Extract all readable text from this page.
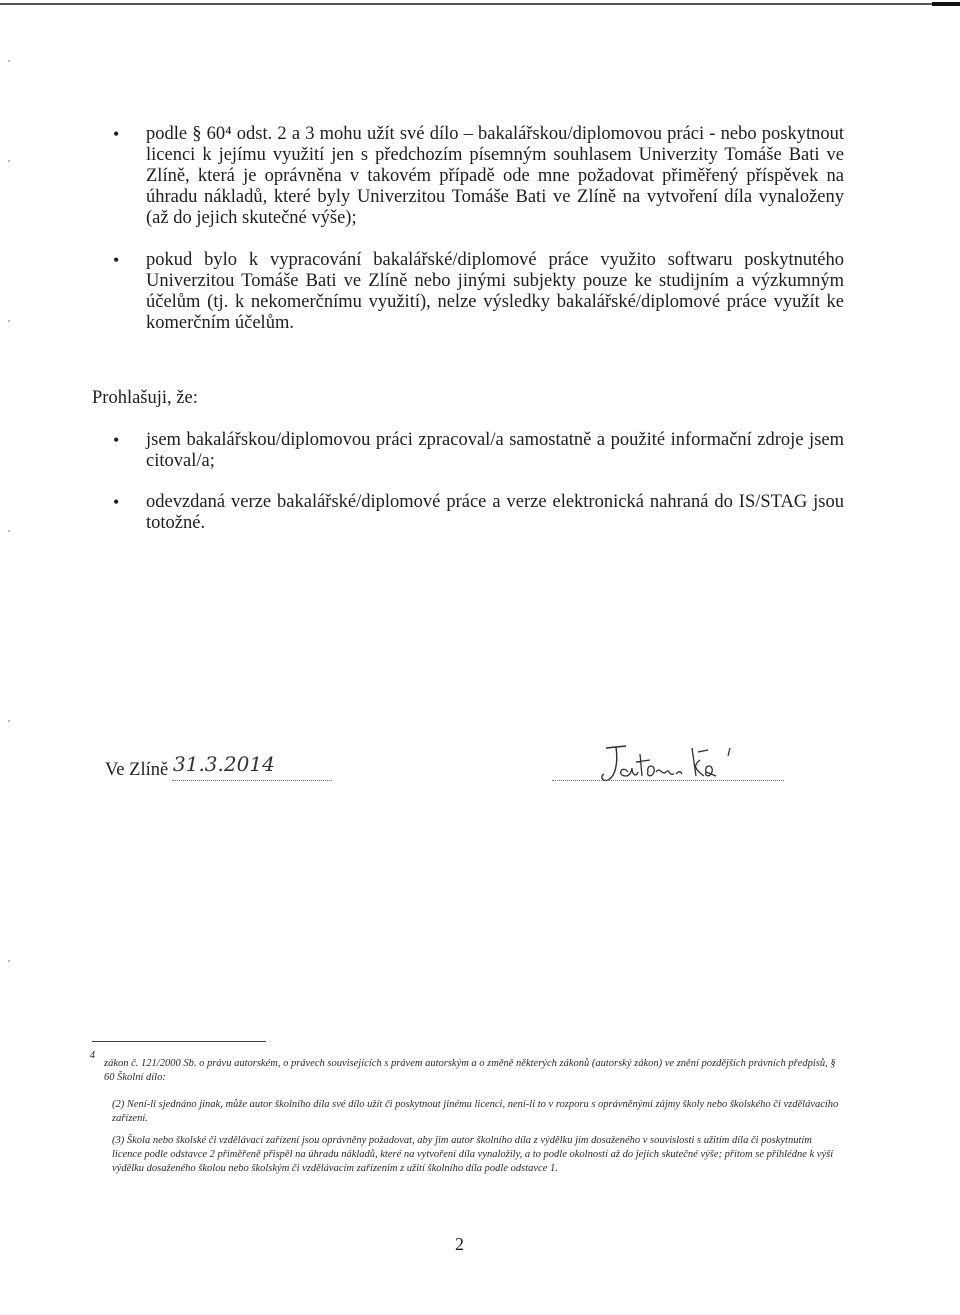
• podle § 60⁴ odst. 2 a 3 mohu užít své dílo – bakalářskou/diplomovou práci - nebo poskytnout licenci k jejímu využití jen s předchozím písemným souhlasem Univerzity Tomáše Bati ve Zlíně, která je oprávněna v takovém případě ode mne požadovat přiměřený příspěvek na úhradu nákladů, které byly Univerzitou Tomáše Bati ve Zlíně na vytvoření díla vynaloženy (až do jejich skutečné výše);
• pokud bylo k vypracování bakalářské/diplomové práce využito softwaru poskytnutého Univerzitou Tomáše Bati ve Zlíně nebo jinými subjekty pouze ke studijním a výzkumným účelům (tj. k nekomerčnímu využití), nelze výsledky bakalářské/diplomové práce využít ke komerčním účelům.
Prohlašuji, že:
• jsem bakalářskou/diplomovou práci zpracoval/a samostatně a použité informační zdroje jsem citoval/a;
• odevzdaná verze bakalářské/diplomové práce a verze elektronická nahraná do IS/STAG jsou totožné.
Ve Zlíně 31.3.2014
4
zákon č. 121/2000 Sb. o právu autorském, o právech souvisejících s právem autorským a o změně některých zákonů (autorský zákon) ve znění pozdějších právních předpisů, § 60 Školní dílo:
(2) Není-li sjednáno jinak, může autor školního díla své dílo užít či poskytnout jinému licenci, není-li to v rozporu s oprávněnými zájmy školy nebo školského či vzdělávacího zařízení.
(3) Škola nebo školské či vzdělávací zařízení jsou oprávněny požadovat, aby jim autor školního díla z výdělku jím dosaženého v souvislosti s užitím díla či poskytnutím licence podle odstavce 2 přiměřeně přispěl na úhradu nákladů, které na vytvoření díla vynaložily, a to podle okolností až do jejich skutečné výše; přitom se přihlédne k výši výdělku dosaženého školou nebo školským či vzdělávacím zařízením z užití školního díla podle odstavce 1.
2
